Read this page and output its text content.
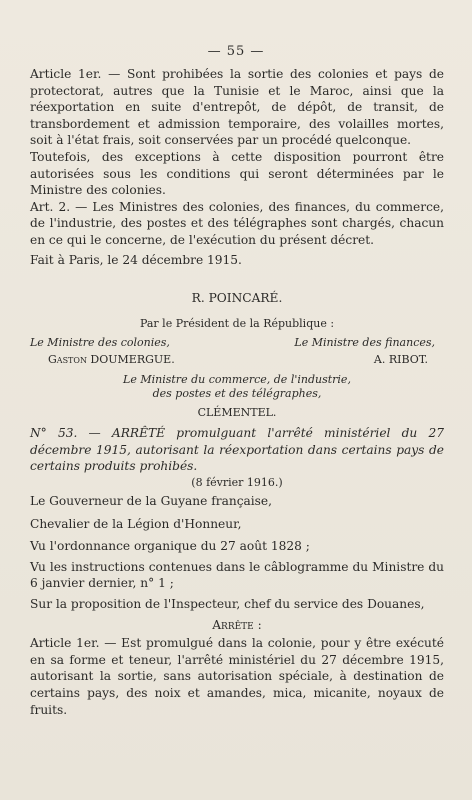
— 55 —

Article 1er. — Sont prohibées la sortie des colonies et pays de protectorat, autres que la Tunisie et le Maroc, ainsi que la réexportation en suite d'entrepôt, de dépôt, de transit, de transbordement et admission temporaire, des volailles mortes, soit à l'état frais, soit conservées par un procédé quelconque.

Toutefois, des exceptions à cette disposition pourront être autorisées sous les conditions qui seront déterminées par le Ministre des colonies.

Art. 2. — Les Ministres des colonies, des finances, du commerce, de l'industrie, des postes et des télégraphes sont chargés, chacun en ce qui le concerne, de l'exécution du présent décret.

Fait à Paris, le 24 décembre 1915.

R. POINCARÉ.
Par le Président de la République :
Le Ministre des colonies,	Le Ministre des finances,
Gaston DOUMERGUE.	A. RIBOT.
Le Ministre du commerce, de l'industrie,
des postes et des télégraphes,
CLÉMENTEL.

N° 53. — ARRÊTÉ promulguant l'arrêté ministériel du 27 décembre 1915, autorisant la réexportation dans certains pays de certains produits prohibés.

(8 février 1916.)

Le Gouverneur de la Guyane française,

Chevalier de la Légion d'Honneur,

Vu l'ordonnance organique du 27 août 1828 ;

Vu les instructions contenues dans le câblogramme du Ministre du 6 janvier dernier, n° 1 ;

Sur la proposition de l'Inspecteur, chef du service des Douanes,

Arrête :

Article 1er. — Est promulgué dans la colonie, pour y être exécuté en sa forme et teneur, l'arrêté ministériel du 27 décembre 1915, autorisant la sortie, sans autorisation spéciale, à destination de certains pays, des noix et amandes, mica, micanite, noyaux de fruits.
